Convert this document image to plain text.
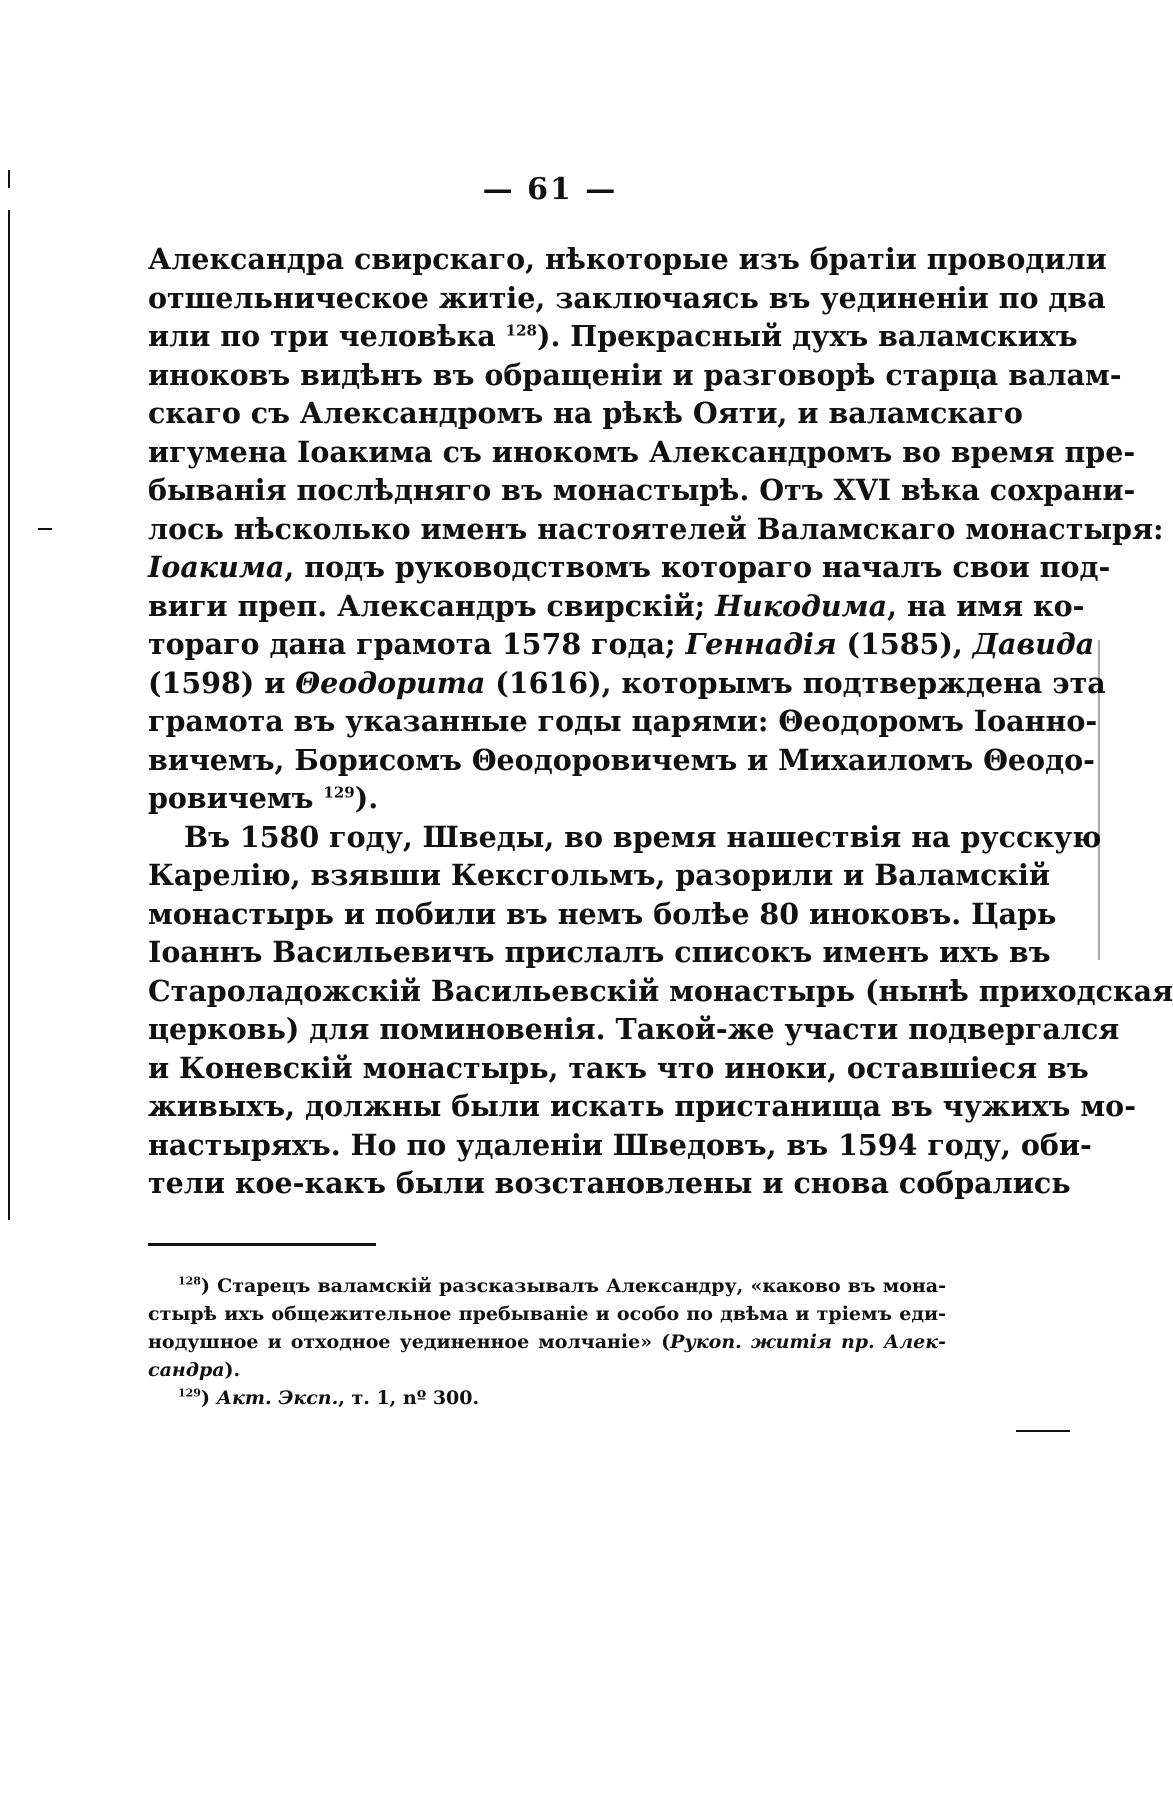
— 61 —
Александра свирскаго, нѣкоторые изъ братіи проводили
отшельническое житіе, заключаясь въ уединеніи по два
или по три человѣка $^{128}$). Прекрасный духъ валамскихъ
иноковъ видѣнъ въ обращеніи и разговорѣ старца валам-
скаго съ Александромъ на рѣкѣ Ояти, и валамскаго
игумена Іоакима съ инокомъ Александромъ во время пре-
быванія послѣдняго въ монастырѣ. Отъ XVI вѣка сохрани-
лось нѣсколько именъ настоятелей Валамскаго монастыря:
Іоакима, подъ руководствомъ котораго началъ свои под-
виги преп. Александръ свирскій; Никодима, на имя ко-
тораго дана грамота 1578 года; Геннадія (1585), Давида
(1598) и Θеодорита (1616), которымъ подтверждена эта
грамота въ указанные годы царями: Θеодоромъ Іоанно-
вичемъ, Борисомъ Θеодоровичемъ и Михаиломъ Θеодо-
ровичемъ $^{129}$).
Въ 1580 году, Шведы, во время нашествія на русскую
Карелію, взявши Кексгольмъ, разорили и Валамскій
монастырь и побили въ немъ болѣе 80 иноковъ. Царь
Іоаннъ Васильевичъ прислалъ списокъ именъ ихъ въ
Староладожскій Васильевскій монастырь (нынѣ приходская
церковь) для поминовенія. Такой-же участи подвергался
и Коневскій монастырь, такъ что иноки, оставшіеся въ
живыхъ, должны были искать пристанища въ чужихъ мо-
настыряхъ. Но по удаленіи Шведовъ, въ 1594 году, оби-
тели кое-какъ были возстановлены и снова собрались
$^{128}$) Старецъ валамскій разсказывалъ Александру, «каково въ мона-
стырѣ ихъ общежительное пребываніе и особо по двѣма и тріемъ еди-
нодушное и отходное уединенное молчаніе» (Рукоп. житія пр. Алек-
сандра).
$^{129}$) Акт. Эксп., т. 1, nº 300.
